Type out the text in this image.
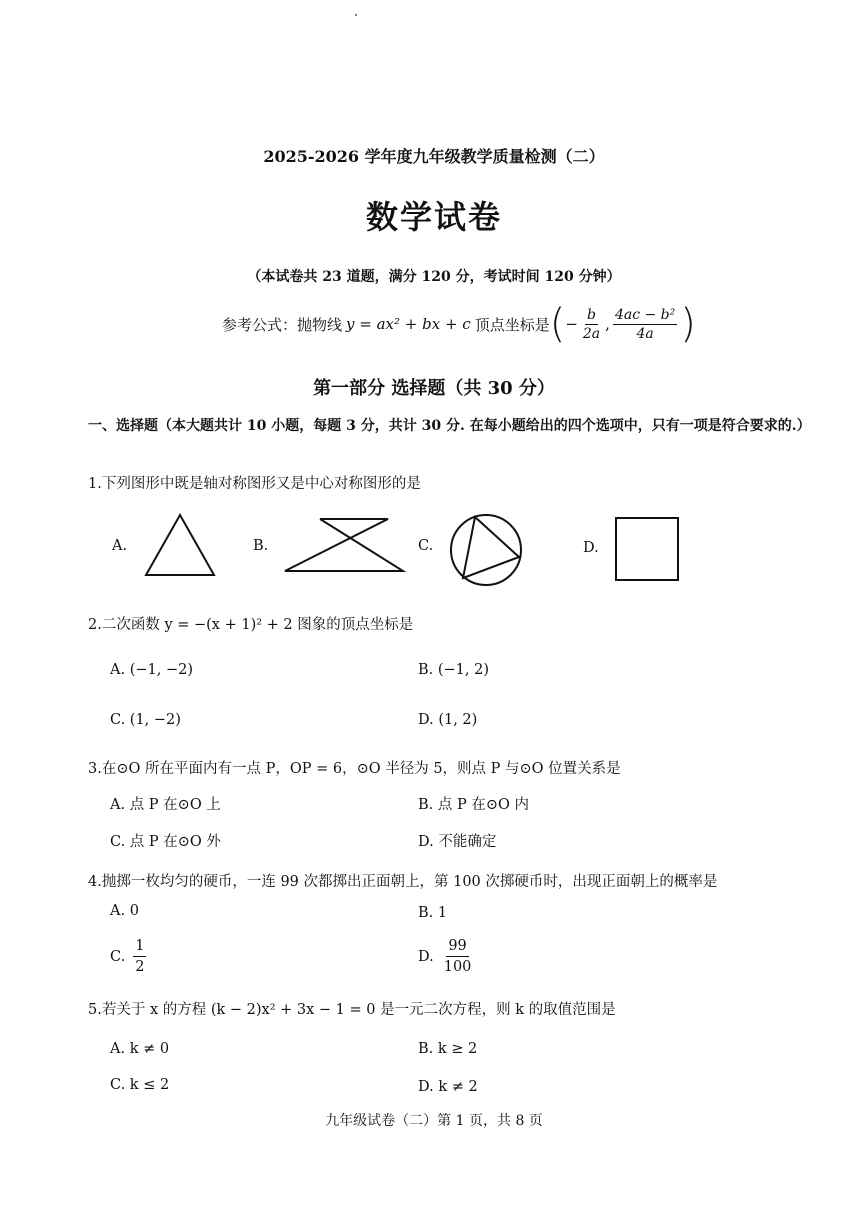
2025-2026 学年度九年级教学质量检测（二）
数学试卷
（本试卷共 23 道题，满分 120 分，考试时间 120 分钟）
参考公式：抛物线 y = ax² + bx + c 顶点坐标是 ( − $\frac{b}{2a}$ , $\frac{\text{4ac − b²}}{4a}$ )
第一部分 选择题（共 30 分）
一、选择题（本大题共计 10 小题，每题 3 分，共计 30 分. 在每小题给出的四个选项中，只有一项是符合要求的.）
1.下列图形中既是轴对称图形又是中心对称图形的是
A.	B.	C.	D.
2.二次函数 y = −(x + 1)² + 2 图象的顶点坐标是
A. (−1, −2)	B. (−1, 2)
C. (1, −2)	D. (1, 2)
3.在⊙O 所在平面内有一点 P，OP = 6，⊙O 半径为 5，则点 P 与⊙O 位置关系是
A. 点 P 在⊙O 上	B. 点 P 在⊙O 内
C. 点 P 在⊙O 外	D. 不能确定
4.抛掷一枚均匀的硬币，一连 99 次都掷出正面朝上，第 100 次掷硬币时，出现正面朝上的概率是
A. 0	B. 1
C. $\frac{1}{2}$	D. $\frac{99}{100}$
5.若关于 x 的方程 (k − 2)x² + 3x − 1 = 0 是一元二次方程，则 k 的取值范围是
A. k ≠ 0	B. k ≥ 2
C. k ≤ 2	D. k ≠ 2
九年级试卷（二）第 1 页，共 8 页
